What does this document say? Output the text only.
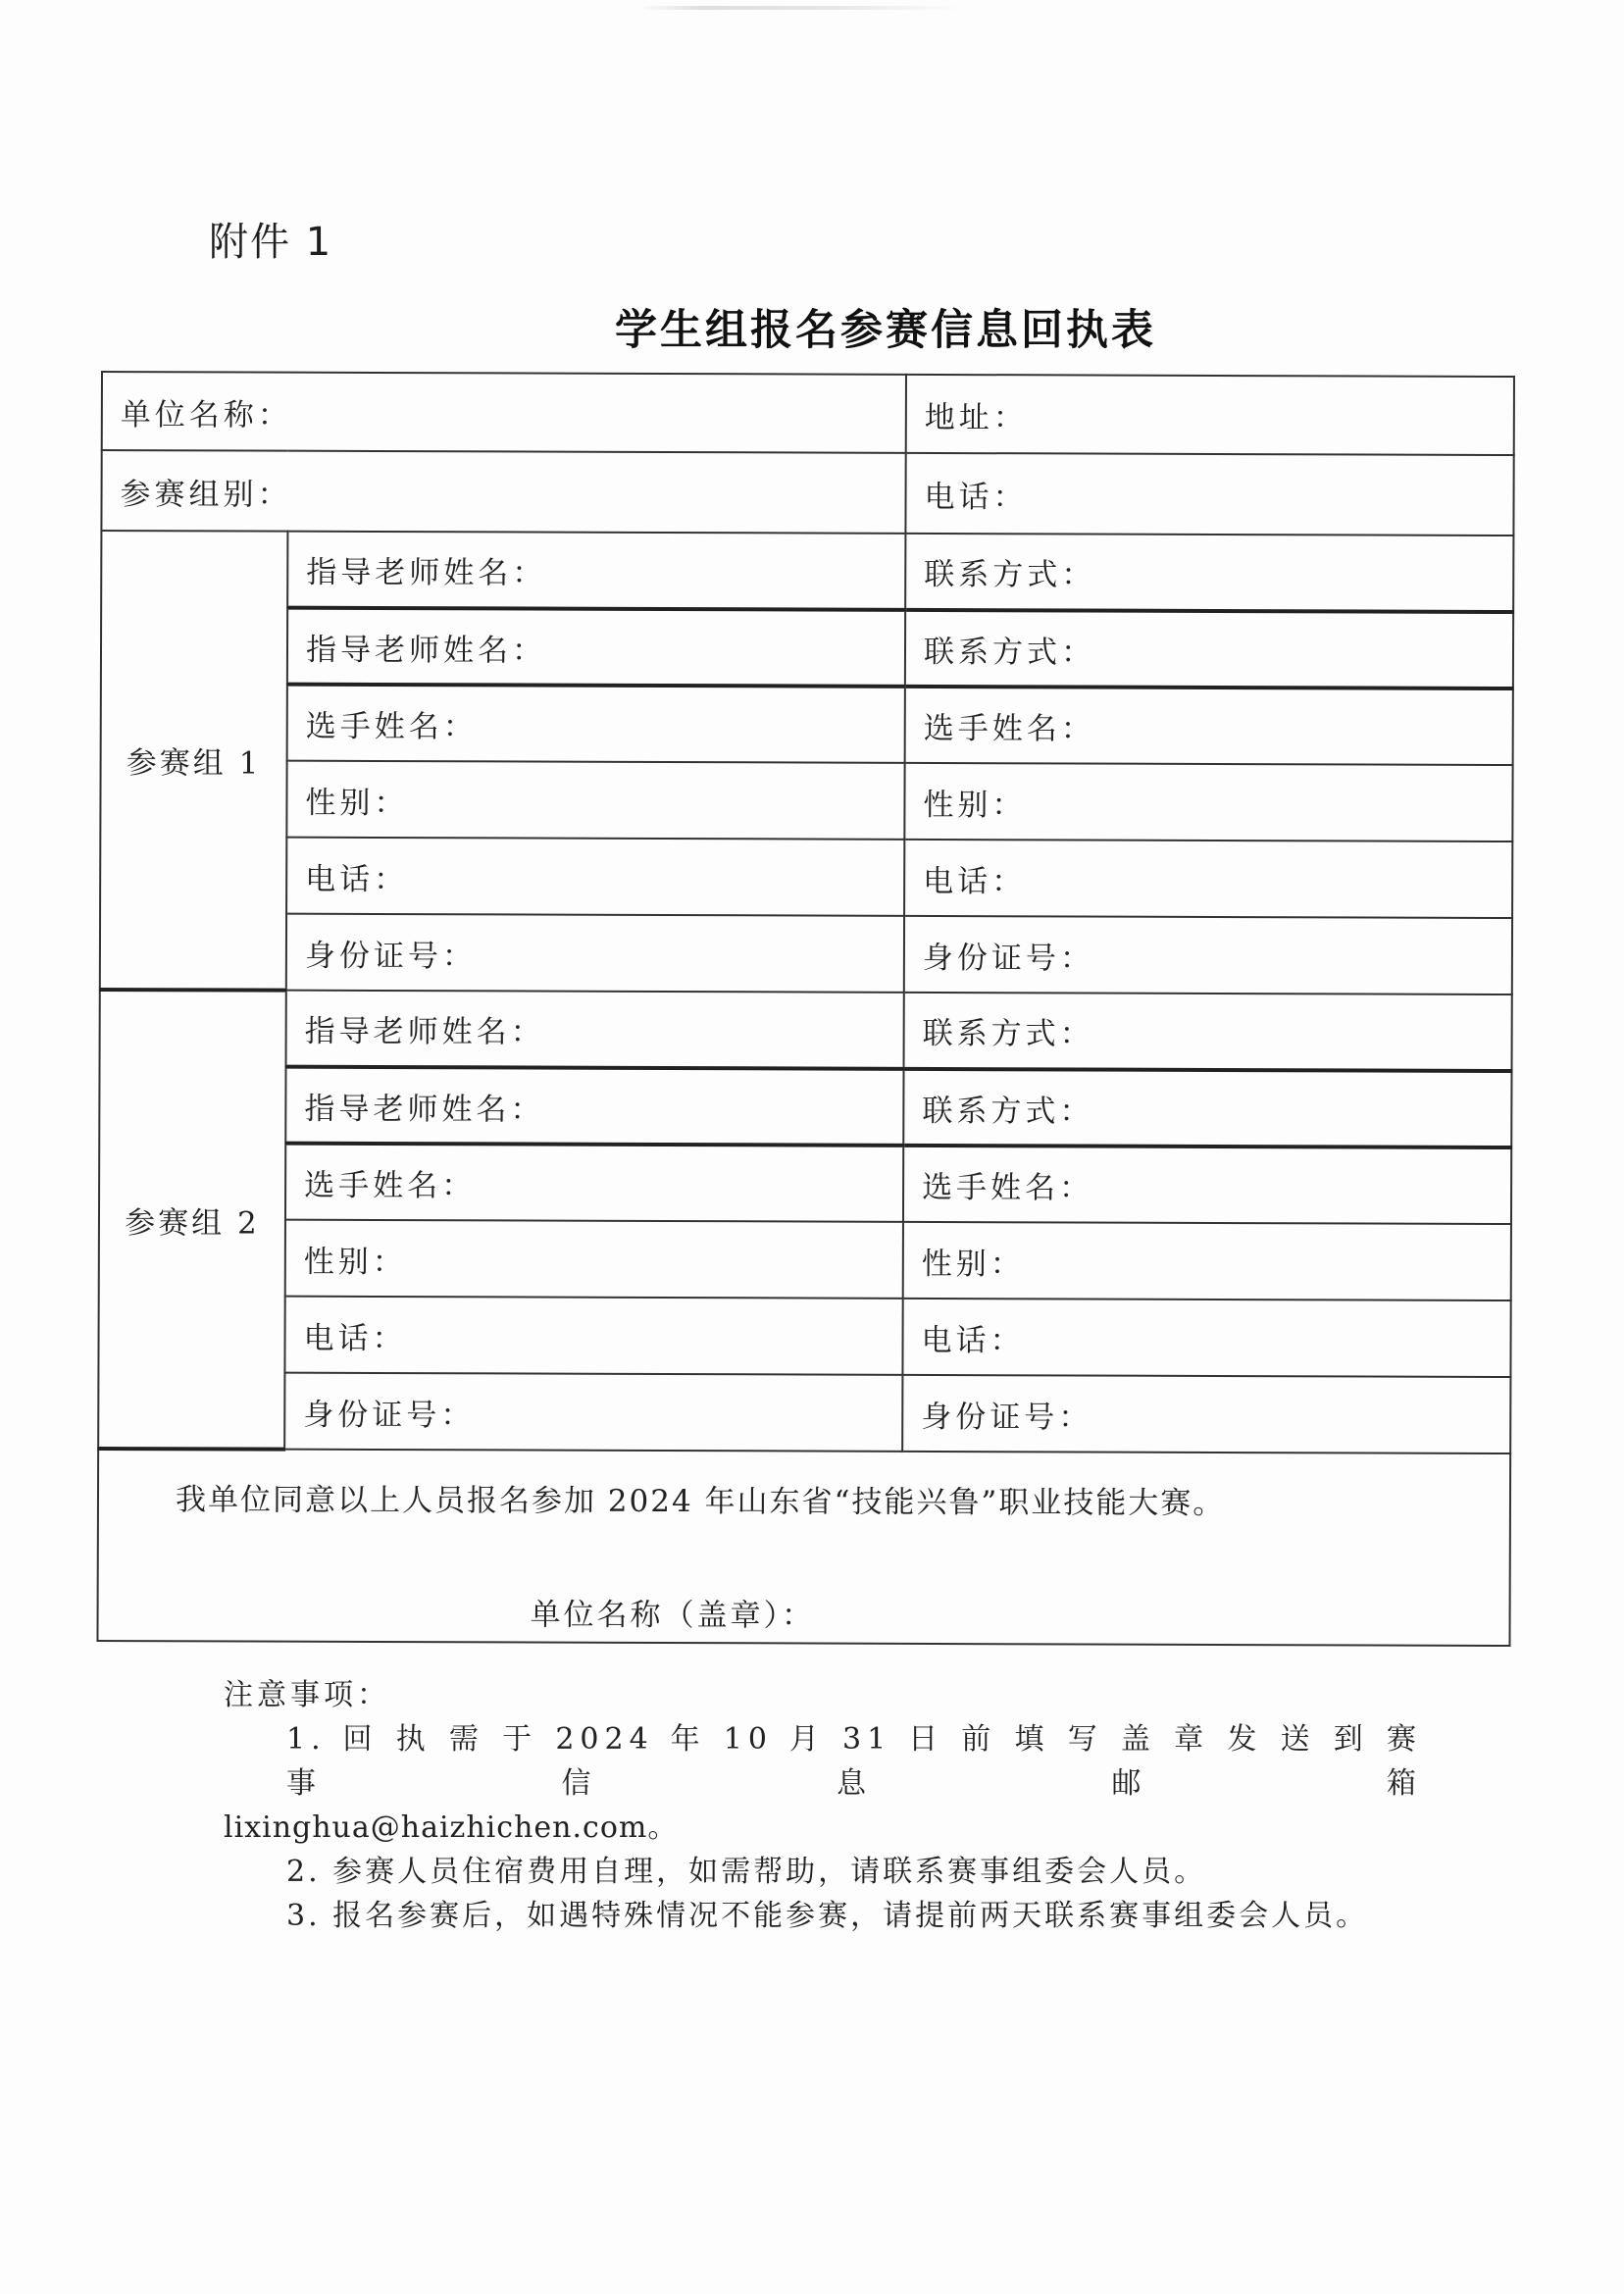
附件 1
学生组报名参赛信息回执表
单位名称：		地址：
参赛组别：		电话：
参赛组 1	指导老师姓名：	联系方式：
	指导老师姓名：	联系方式：
	选手姓名：	选手姓名：
	性别：	性别：
	电话：	电话：
	身份证号：	身份证号：
参赛组 2	指导老师姓名：	联系方式：
	指导老师姓名：	联系方式：
	选手姓名：	选手姓名：
	性别：	性别：
	电话：	电话：
	身份证号：	身份证号：

我单位同意以上人员报名参加 2024 年山东省“技能兴鲁”职业技能大赛。
单位名称（盖章）：		
注意事项：
1. 回 执 需 于 2024 年 10 月 31 日 前 填 写 盖 章 发 送 到 赛 事 信 息 邮 箱
lixinghua@haizhichen.com。
2. 参赛人员住宿费用自理，如需帮助，请联系赛事组委会人员。
3. 报名参赛后，如遇特殊情况不能参赛，请提前两天联系赛事组委会人员。
